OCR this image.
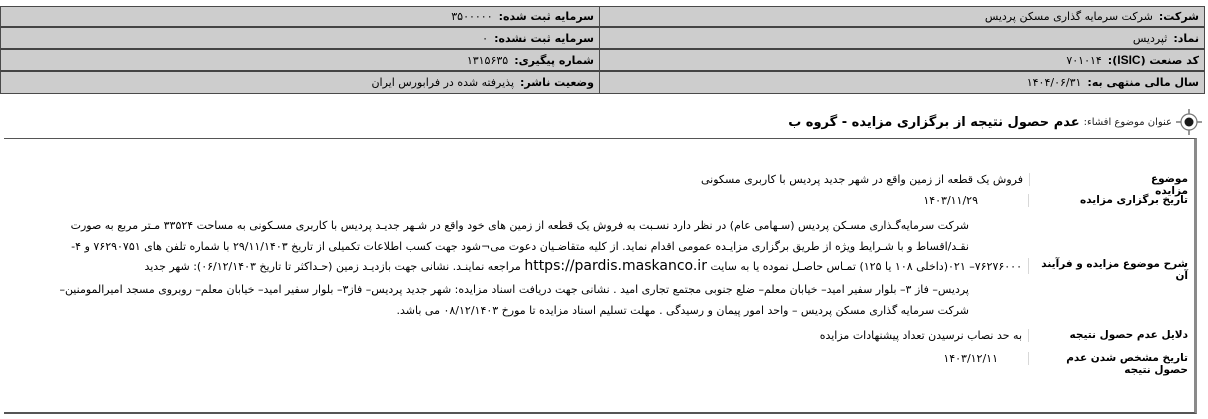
شرکت:
شرکت سرمایه گذاری مسکن پردیس
نماد:
ثپردیس
کد صنعت (ISIC):
۷۰۱۰۱۴
سال مالی منتهی به:
۱۴۰۴/۰۶/۳۱
سرمایه ثبت شده:
۳۵۰۰۰۰۰
سرمایه ثبت نشده:
۰
شماره پیگیری:
۱۳۱۵۶۳۵
وضعیت ناشر:
پذیرفته شده در فرابورس ایران
عنوان موضوع افشاء:
عدم حصول نتیجه از برگزاری مزایده - گروه ب
موضوع مزایده
فروش یک قطعه از زمین واقع در شهر جدید پردیس با کاربری مسکونی
تاریخ برگزاری مزایده
۱۴۰۳/۱۱/۲۹
شرکت سرمایه‌گـذاری مسـکن پردیس (سـهامی عام) در نظر دارد نسـبت به فروش یک قطعه از زمین های خود واقع در شـهر جدیـد پردیس با کاربری مسـکونی به مساحت ۳۳۵۲۴ مـتر مربع به صورت
نقـد/اقساط و با شـرایط ویژه از طریق برگزاری مزایـده عمومی اقدام نماید. از کلیه متقاضـیان دعوت می¬شود جهت کسب اطلاعات تکمیلی از تاریخ ۲۹/۱۱/۱۴۰۳ با شماره تلفن های ۷۶۲۹۰۷۵۱ و ۴-
شرح موضوع مزایده و فرآیند آن
۷۶۲۷۶۰۰۰– ۰۲۱(داخلی ۱۰۸ یا ۱۲۵) تمـاس حاصـل نموده یا به سایت https://pardis.maskanco.ir مراجعه نماینـد. نشانی جهت بازدیـد زمین (حـداکثر تا تاریخ ۰۶/۱۲/۱۴۰۳): شهر جدید
پردیس– فاز ۳– بلوار سفیر امید– خیابان معلم– ضلع جنوبی مجتمع تجاری امید . نشانی جهت دریافت اسناد مزایده: شهر جدید پردیس– فاز۳– بلوار سفیر امید– خیابان معلم– روبروی مسجد امیرالمومنین–
شرکت سرمایه گذاری مسکن پردیس – واحد امور پیمان و رسیدگی . مهلت تسلیم اسناد مزایده تا مورخ ۰۸/۱۲/۱۴۰۳ می باشد.
دلایل عدم حصول نتیجه
به حد نصاب نرسیدن تعداد پیشنهادات مزایده
تاریخ مشخص شدن عدم حصول نتیجه
۱۴۰۳/۱۲/۱۱
